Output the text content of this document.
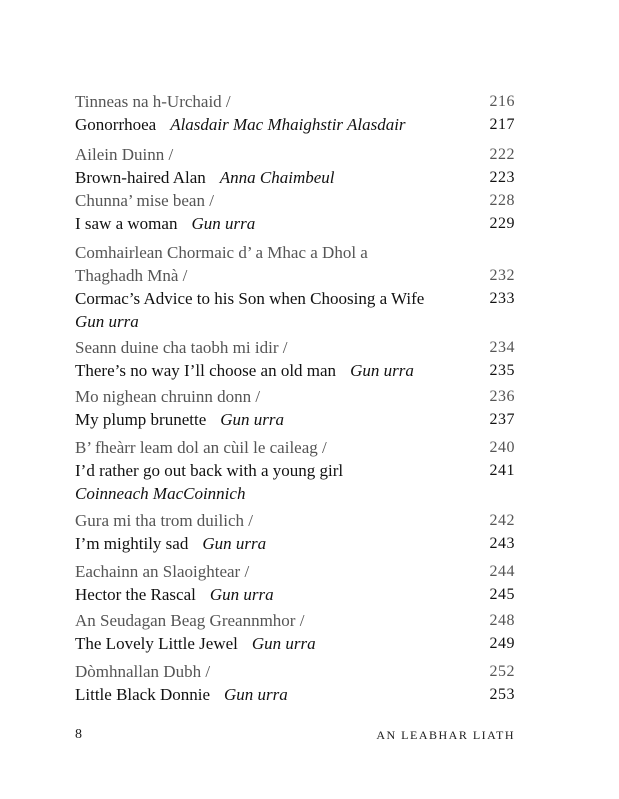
Tinneas na h-Urchaid /	216
Gonorrhoea Alasdair Mac Mhaighstir Alasdair	217
Ailein Duinn /	222
Brown-haired Alan Anna Chaimbeul	223
Chunna’ mise bean /	228
I saw a woman Gun urra	229
Comhairlean Chormaic d’ a Mhac a Dhol a
Thaghadh Mnà /	232
Cormac’s Advice to his Son when Choosing a Wife	233
Gun urra
Seann duine cha taobh mi idir /	234
There’s no way I’ll choose an old man Gun urra	235
Mo nighean chruinn donn /	236
My plump brunette Gun urra	237
B’ fheàrr leam dol an cùil le caileag /	240
I’d rather go out back with a young girl	241
Coinneach MacCoinnich
Gura mi tha trom duilich /	242
I’m mightily sad Gun urra	243
Eachainn an Slaoightear /	244
Hector the Rascal Gun urra	245
An Seudagan Beag Greannmhor /	248
The Lovely Little Jewel Gun urra	249
Dòmhnallan Dubh /	252
Little Black Donnie Gun urra	253
8	AN LEABHAR LIATH
